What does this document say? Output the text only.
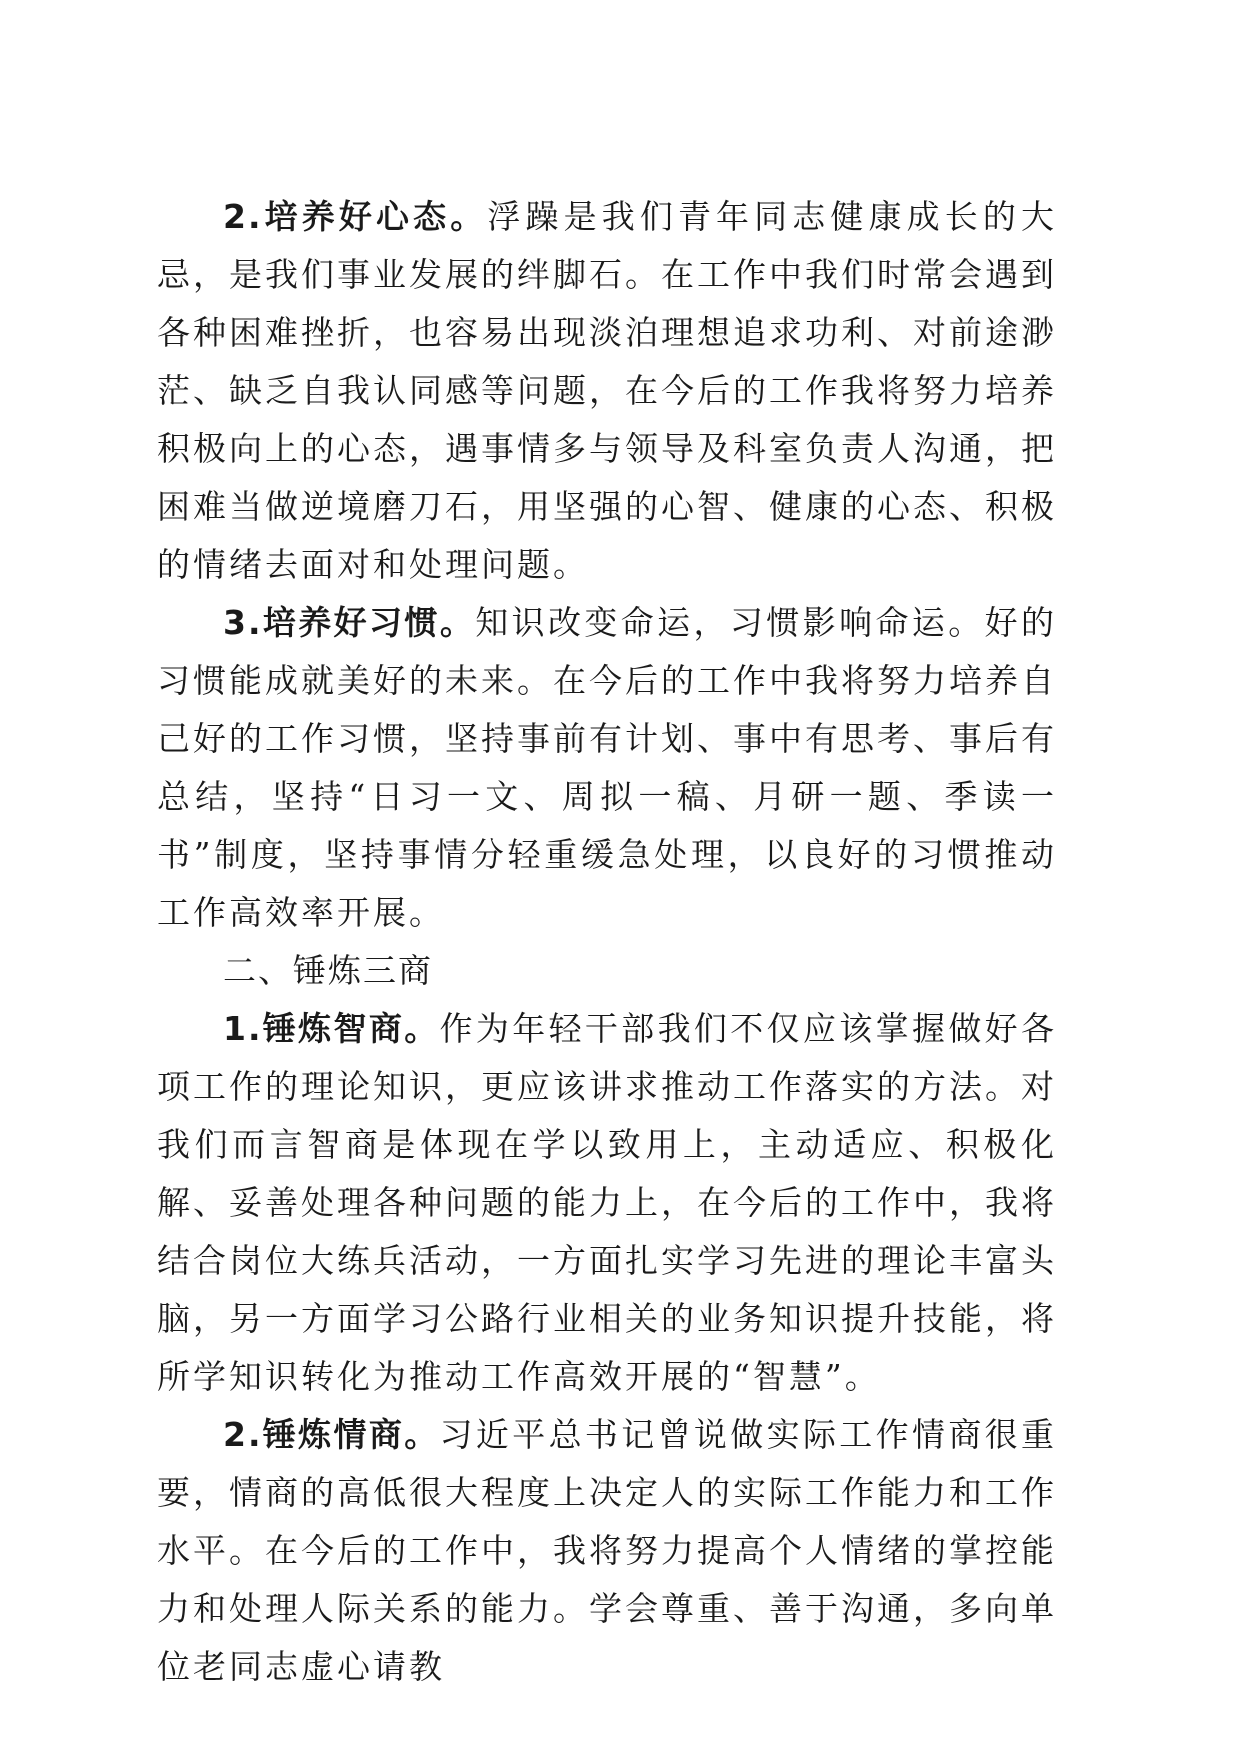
2.培养好心态。浮躁是我们青年同志健康成长的大忌，是我们事业发展的绊脚石。在工作中我们时常会遇到各种困难挫折，也容易出现淡泊理想追求功利、对前途渺茫、缺乏自我认同感等问题，在今后的工作我将努力培养积极向上的心态，遇事情多与领导及科室负责人沟通，把困难当做逆境磨刀石，用坚强的心智、健康的心态、积极的情绪去面对和处理问题。

3.培养好习惯。知识改变命运，习惯影响命运。好的习惯能成就美好的未来。在今后的工作中我将努力培养自己好的工作习惯，坚持事前有计划、事中有思考、事后有总结，坚持“日习一文、周拟一稿、月研一题、季读一书”制度，坚持事情分轻重缓急处理，以良好的习惯推动工作高效率开展。

二、锤炼三商

1.锤炼智商。作为年轻干部我们不仅应该掌握做好各项工作的理论知识，更应该讲求推动工作落实的方法。对我们而言智商是体现在学以致用上，主动适应、积极化解、妥善处理各种问题的能力上，在今后的工作中，我将结合岗位大练兵活动，一方面扎实学习先进的理论丰富头脑，另一方面学习公路行业相关的业务知识提升技能，将所学知识转化为推动工作高效开展的“智慧”。

2.锤炼情商。习近平总书记曾说做实际工作情商很重要，情商的高低很大程度上决定人的实际工作能力和工作水平。在今后的工作中，我将努力提高个人情绪的掌控能力和处理人际关系的能力。学会尊重、善于沟通，多向单位老同志虚心请教
